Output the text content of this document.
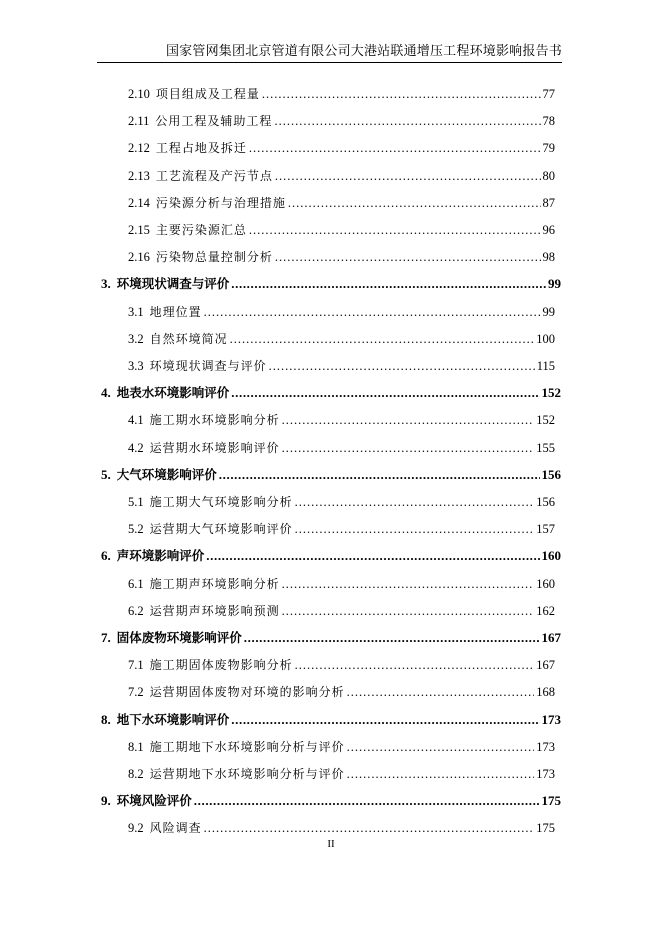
国家管网集团北京管道有限公司大港站联通增压工程环境影响报告书
2.10 项目组成及工程量 .....	77
2.11 公用工程及辅助工程 .....	78
2.12 工程占地及拆迁 .....	79
2.13 工艺流程及产污节点 .....	80
2.14 污染源分析与治理措施 .....	87
2.15 主要污染源汇总 .....	96
2.16 污染物总量控制分析 .....	98
3. 环境现状调查与评价 .....	99
3.1 地理位置 .....	99
3.2 自然环境简况 .....	100
3.3 环境现状调查与评价 .....	115
4. 地表水环境影响评价 .....	152
4.1 施工期水环境影响分析 .....	152
4.2 运营期水环境影响评价 .....	155
5. 大气环境影响评价 .....	156
5.1 施工期大气环境影响分析 .....	156
5.2 运营期大气环境影响评价 .....	157
6. 声环境影响评价 .....	160
6.1 施工期声环境影响分析 .....	160
6.2 运营期声环境影响预测 .....	162
7. 固体废物环境影响评价 .....	167
7.1 施工期固体废物影响分析 .....	167
7.2 运营期固体废物对环境的影响分析 .....	168
8. 地下水环境影响评价 .....	173
8.1 施工期地下水环境影响分析与评价 .....	173
8.2 运营期地下水环境影响分析与评价 .....	173
9. 环境风险评价 .....	175
9.2 风险调查 .....	175
II
